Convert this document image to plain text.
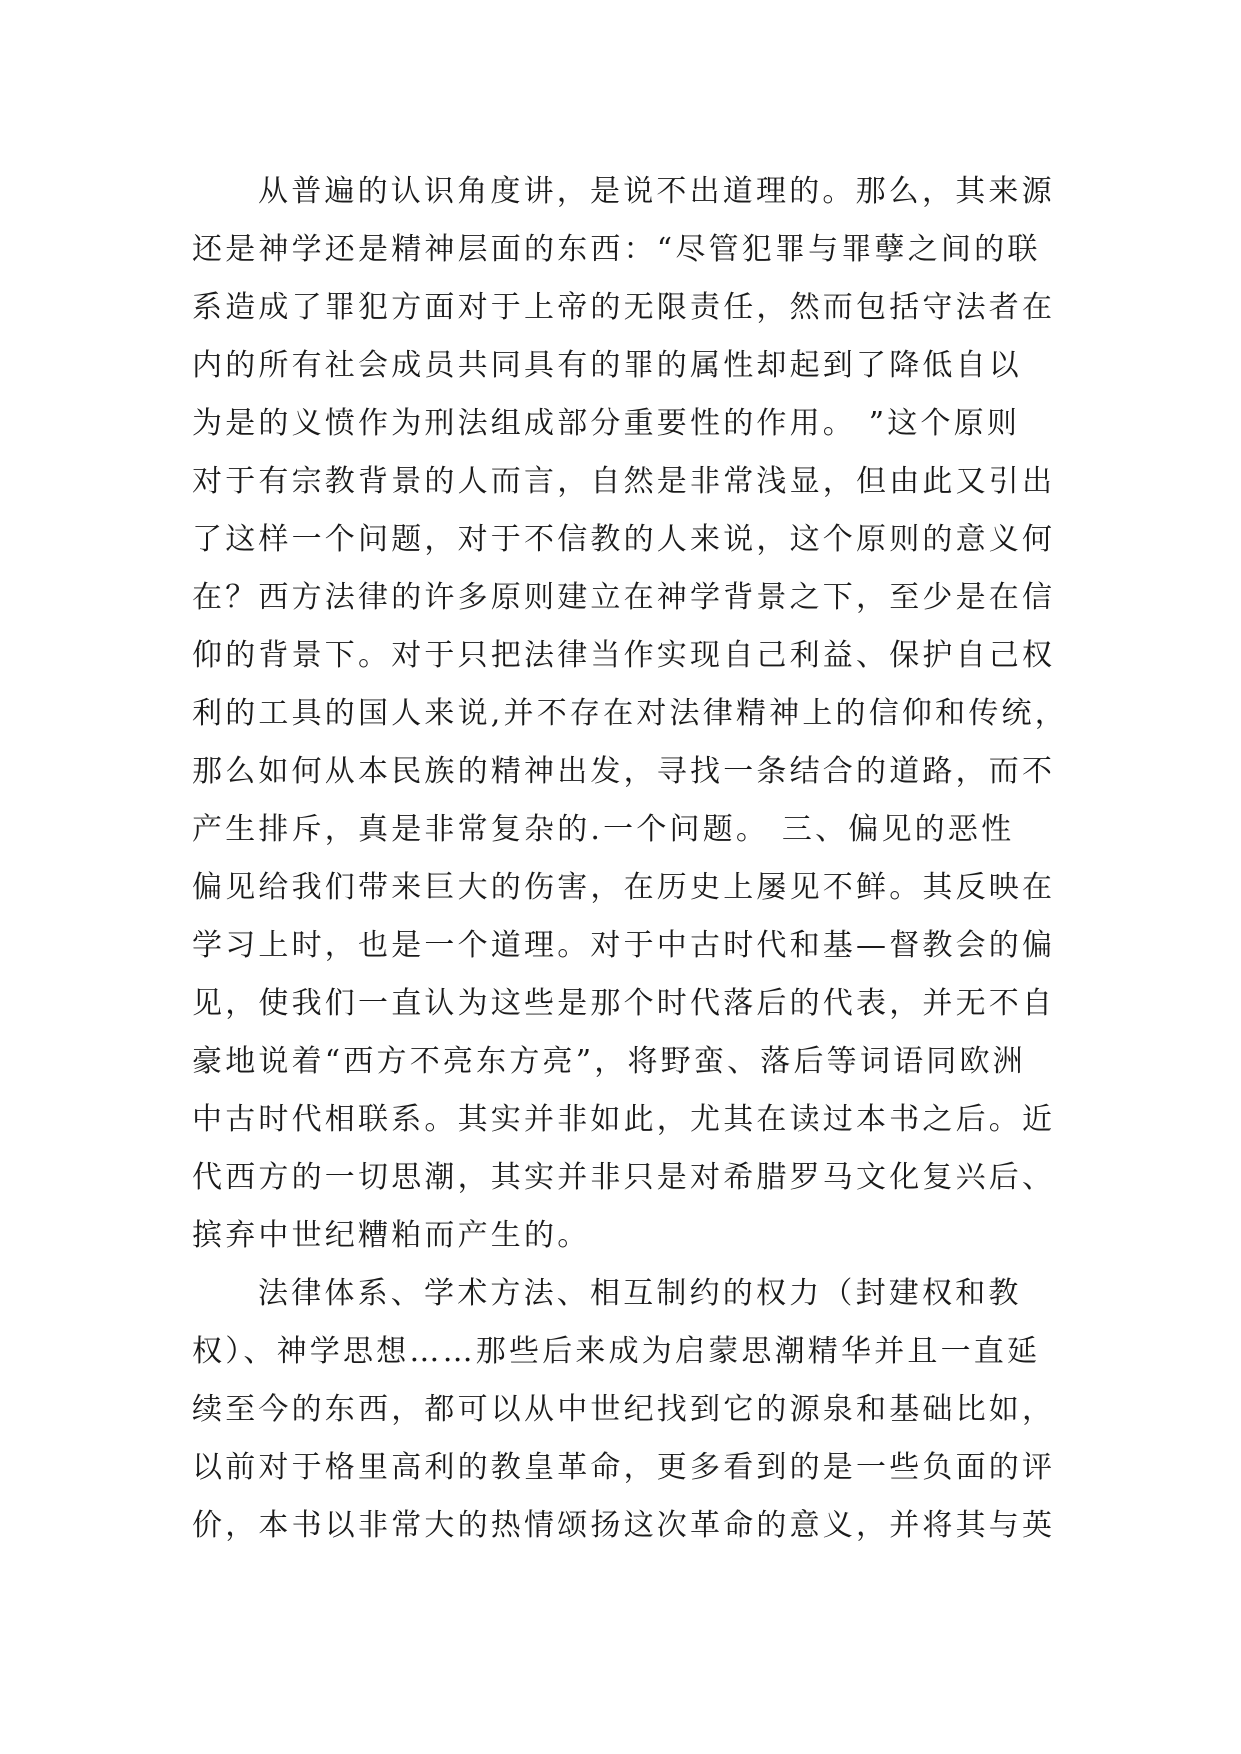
从普遍的认识角度讲，是说不出道理的。那么，其来源
还是神学还是精神层面的东西：“尽管犯罪与罪孽之间的联
系造成了罪犯方面对于上帝的无限责任，然而包括守法者在
内的所有社会成员共同具有的罪的属性却起到了降低自以
为是的义愤作为刑法组成部分重要性的作用。 ”这个原则
对于有宗教背景的人而言，自然是非常浅显，但由此又引出
了这样一个问题，对于不信教的人来说，这个原则的意义何
在？西方法律的许多原则建立在神学背景之下，至少是在信
仰的背景下。对于只把法律当作实现自己利益、保护自己权
利的工具的国人来说,并不存在对法律精神上的信仰和传统，
那么如何从本民族的精神出发，寻找一条结合的道路，而不
产生排斥，真是非常复杂的.一个问题。 三、偏见的恶性
偏见给我们带来巨大的伤害，在历史上屡见不鲜。其反映在
学习上时，也是一个道理。对于中古时代和基—督教会的偏
见，使我们一直认为这些是那个时代落后的代表，并无不自
豪地说着“西方不亮东方亮”，将野蛮、落后等词语同欧洲
中古时代相联系。其实并非如此，尤其在读过本书之后。近
代西方的一切思潮，其实并非只是对希腊罗马文化复兴后、
摈弃中世纪糟粕而产生的。
法律体系、学术方法、相互制约的权力（封建权和教
权）、神学思想……那些后来成为启蒙思潮精华并且一直延
续至今的东西，都可以从中世纪找到它的源泉和基础比如，
以前对于格里高利的教皇革命，更多看到的是一些负面的评
价，本书以非常大的热情颂扬这次革命的意义，并将其与英
